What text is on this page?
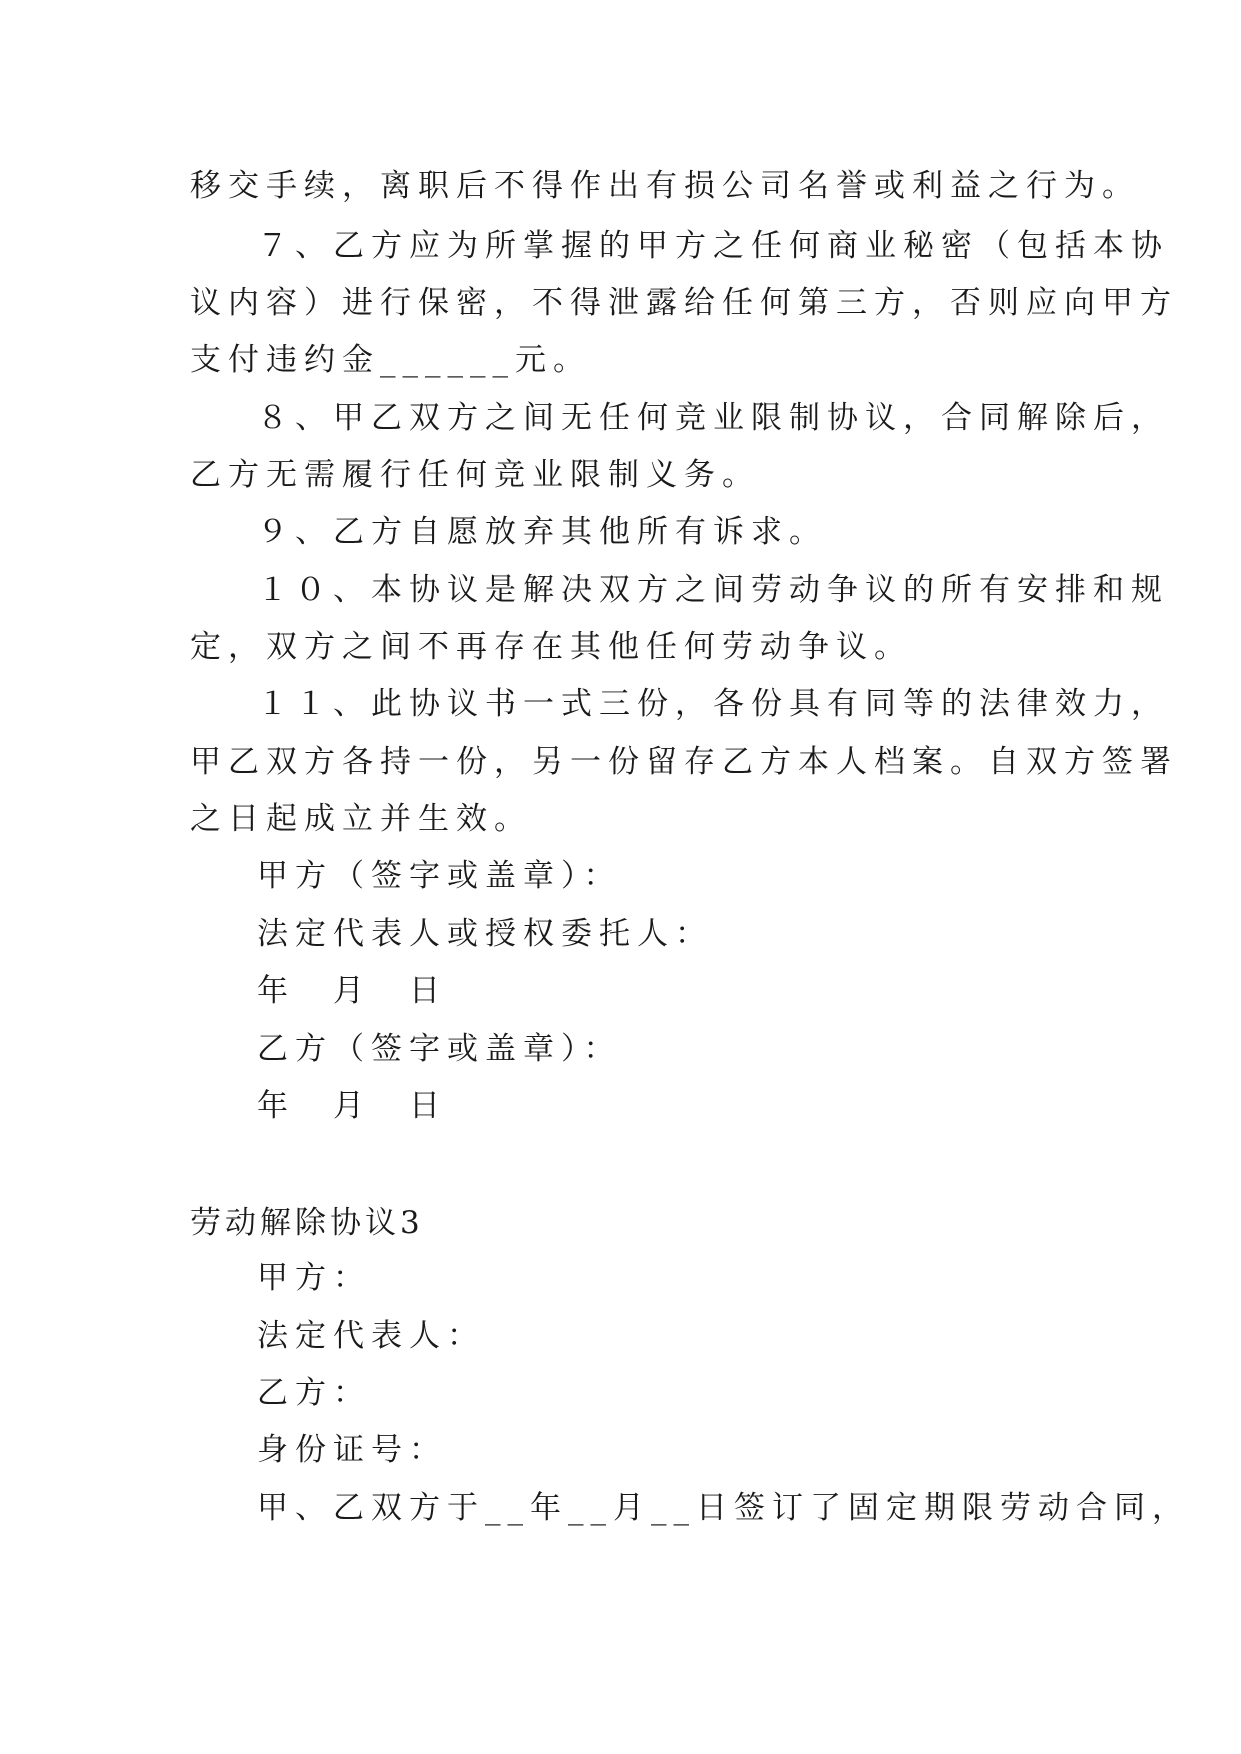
移交手续，离职后不得作出有损公司名誉或利益之行为。
７、乙方应为所掌握的甲方之任何商业秘密（包括本协
议内容）进行保密，不得泄露给任何第三方，否则应向甲方
支付违约金______元。
８、甲乙双方之间无任何竞业限制协议，合同解除后，
乙方无需履行任何竞业限制义务。
９、乙方自愿放弃其他所有诉求。
１０、本协议是解决双方之间劳动争议的所有安排和规
定，双方之间不再存在其他任何劳动争议。
１１、此协议书一式三份，各份具有同等的法律效力，
甲乙双方各持一份，另一份留存乙方本人档案。自双方签署
之日起成立并生效。
甲方（签字或盖章）：
法定代表人或授权委托人：
年　月　日
乙方（签字或盖章）：
年　月　日
劳动解除协议3
甲方：
法定代表人：
乙方：
身份证号：
甲、乙双方于__年__月__日签订了固定期限劳动合同，
